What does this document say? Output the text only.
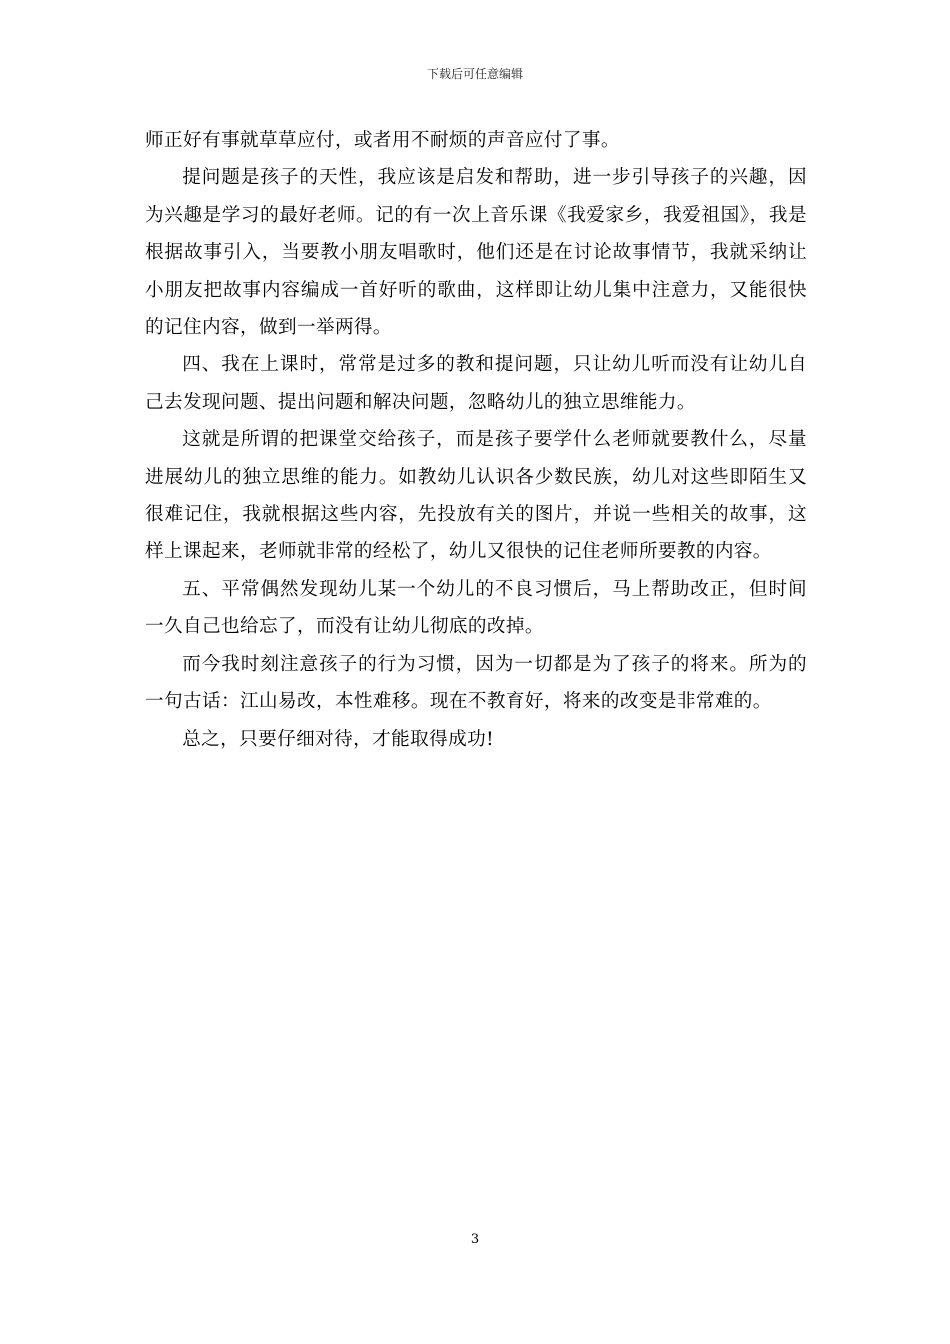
下载后可任意编辑

师正好有事就草草应付，或者用不耐烦的声音应付了事。

提问题是孩子的天性，我应该是启发和帮助，进一步引导孩子的兴趣，因为兴趣是学习的最好老师。记的有一次上音乐课《我爱家乡，我爱祖国》，我是根据故事引入，当要教小朋友唱歌时，他们还是在讨论故事情节，我就采纳让小朋友把故事内容编成一首好听的歌曲，这样即让幼儿集中注意力，又能很快的记住内容，做到一举两得。

四、我在上课时，常常是过多的教和提问题，只让幼儿听而没有让幼儿自己去发现问题、提出问题和解决问题，忽略幼儿的独立思维能力。

这就是所谓的把课堂交给孩子，而是孩子要学什么老师就要教什么，尽量进展幼儿的独立思维的能力。如教幼儿认识各少数民族，幼儿对这些即陌生又很难记住，我就根据这些内容，先投放有关的图片，并说一些相关的故事，这样上课起来，老师就非常的经松了，幼儿又很快的记住老师所要教的内容。

五、平常偶然发现幼儿某一个幼儿的不良习惯后，马上帮助改正，但时间一久自己也给忘了，而没有让幼儿彻底的改掉。

而今我时刻注意孩子的行为习惯，因为一切都是为了孩子的将来。所为的一句古话：江山易改，本性难移。现在不教育好，将来的改变是非常难的。

总之，只要仔细对待，才能取得成功!

3
